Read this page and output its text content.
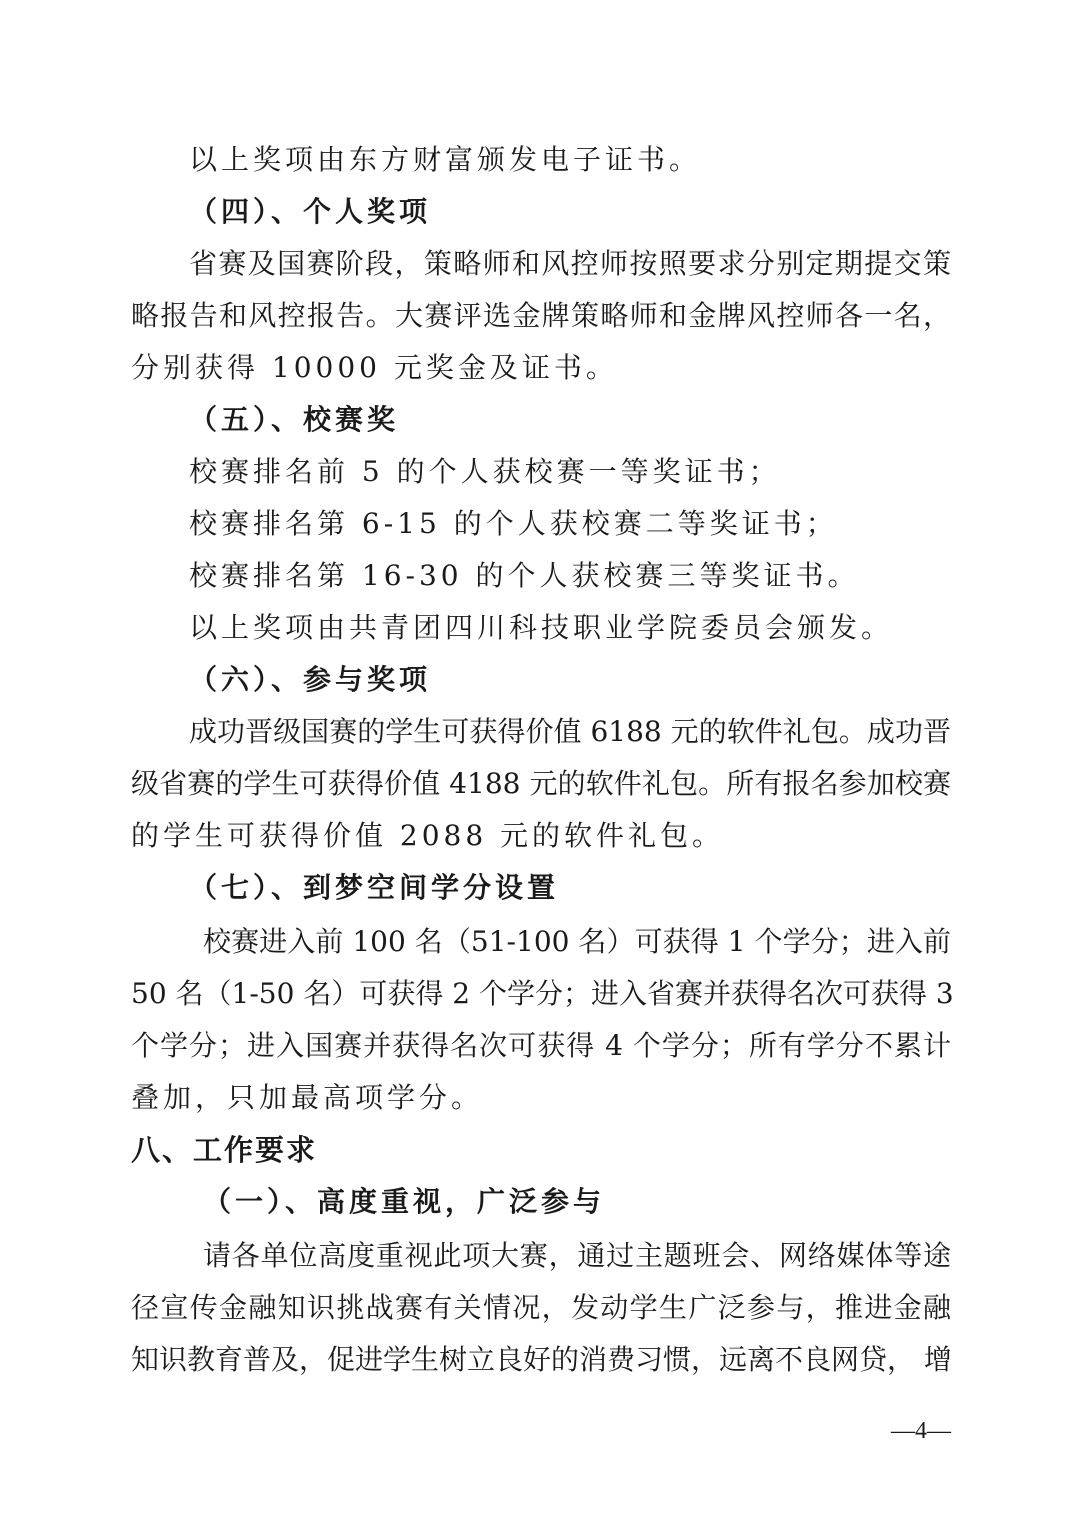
以上奖项由东方财富颁发电子证书。
（四）、个人奖项
省赛及国赛阶段，策略师和风控师按照要求分别定期提交策
略报告和风控报告。大赛评选金牌策略师和金牌风控师各一名，
分别获得 10000 元奖金及证书。
（五）、校赛奖
校赛排名前 5 的个人获校赛一等奖证书；
校赛排名第 6-15 的个人获校赛二等奖证书；
校赛排名第 16-30 的个人获校赛三等奖证书。
以上奖项由共青团四川科技职业学院委员会颁发。
（六）、参与奖项
成功晋级国赛的学生可获得价值 6188 元的软件礼包。成功晋
级省赛的学生可获得价值 4188 元的软件礼包。所有报名参加校赛
的学生可获得价值 2088 元的软件礼包。
（七）、到梦空间学分设置
校赛进入前 100 名（51-100 名）可获得 1 个学分；进入前
50 名（1-50 名）可获得 2 个学分；进入省赛并获得名次可获得 3
个学分；进入国赛并获得名次可获得 4 个学分；所有学分不累计
叠加，只加最高项学分。
八、工作要求
（一）、高度重视，广泛参与
请各单位高度重视此项大赛，通过主题班会、网络媒体等途
径宣传金融知识挑战赛有关情况，发动学生广泛参与，推进金融
知识教育普及，促进学生树立良好的消费习惯，远离不良网贷， 增
—4—
